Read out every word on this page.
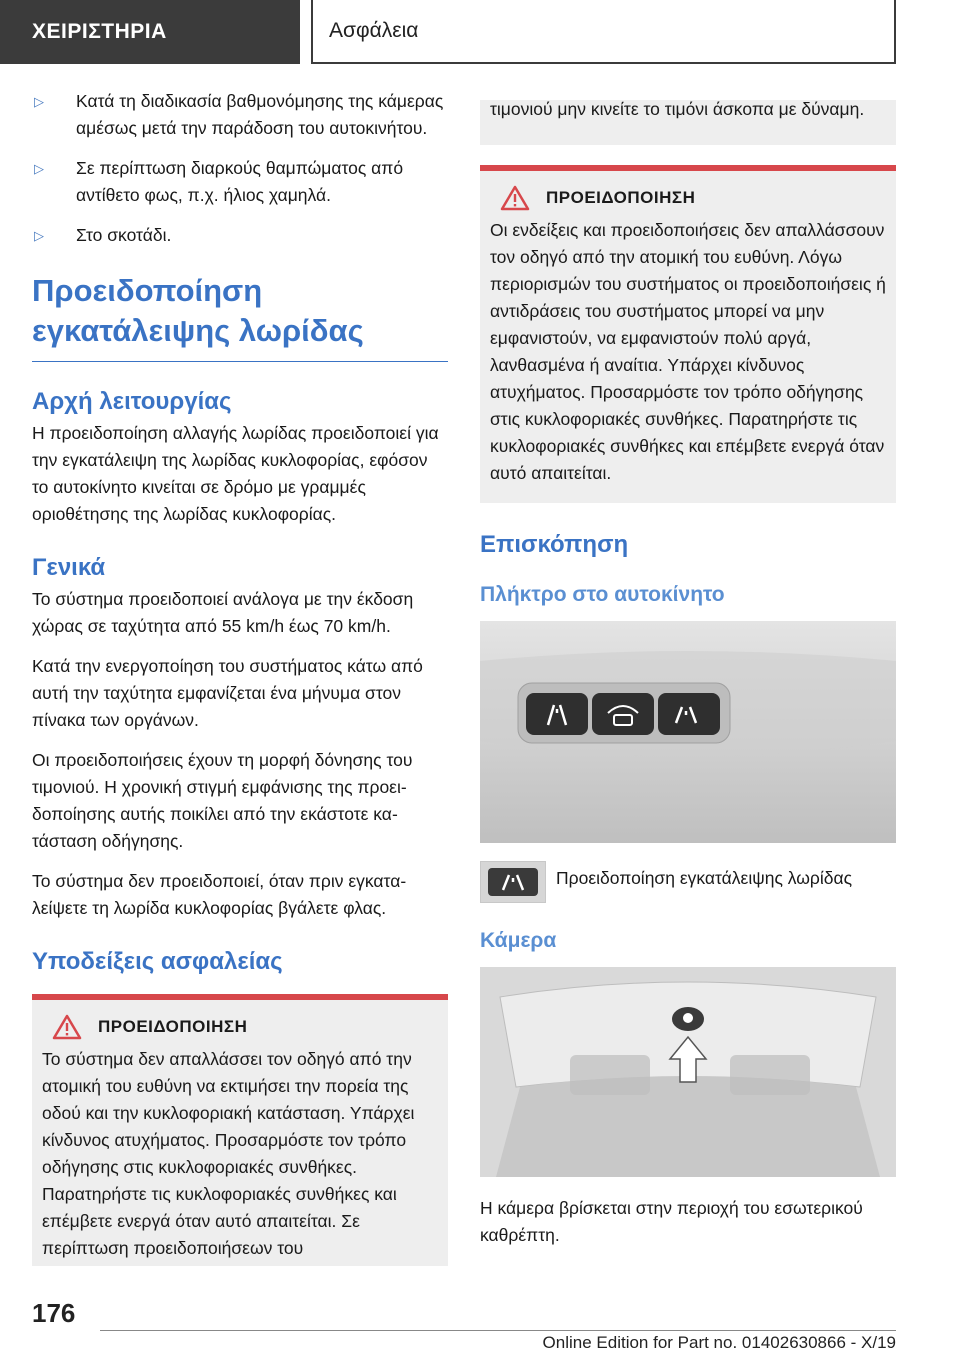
ΧΕΙΡΙΣΤΗΡΙΑ	Ασφάλεια
▷	Κατά τη διαδικασία βαθμονόμησης της κάμερας αμέσως μετά την παράδοση του αυτοκινήτου.

▷	Σε περίπτωση διαρκούς θαμπώματος από αντίθετο φως, π.χ. ήλιος χαμηλά.

▷	Στο σκοτάδι.

Προειδοποίηση εγκατάλειψης λωρίδας
Αρχή λειτουργίας

Η προειδοποίηση αλλαγής λωρίδας προειδοποιεί για την εγκατάλειψη της λωρίδας κυκλοφορίας, εφόσον το αυτοκίνητο κινείται σε δρόμο με γραμμές οριοθέτησης της λωρίδας κυκλοφορίας.

Γενικά

Το σύστημα προειδοποιεί ανάλογα με την έκδοση χώρας σε ταχύτητα από 55 km/h έως 70 km/h.

Κατά την ενεργοποίηση του συστήματος κάτω από αυτή την ταχύτητα εμφανίζεται ένα μήνυμα στον πίνακα των οργάνων.

Οι προειδοποιήσεις έχουν τη μορφή δόνησης του τιμονιού. Η χρονική στιγμή εμφάνισης της προειδοποίησης αυτής ποικίλει από την εκάστοτε κατάσταση οδήγησης.

Το σύστημα δεν προειδοποιεί, όταν πριν εγκαταλείψετε τη λωρίδα κυκλοφορίας βγάλετε φλας.

Υποδείξεις ασφαλείας
ΠΡΟΕΙΔΟΠΟΙΗΣΗ

Το σύστημα δεν απαλλάσσει τον οδηγό από την ατομική του ευθύνη να εκτιμήσει την πορεία της οδού και την κυκλοφοριακή κατάσταση. Υπάρχει κίνδυνος ατυχήματος. Προσαρμόστε τον τρόπο οδήγησης στις κυκλοφοριακές συνθήκες. Παρατηρήστε τις κυκλοφοριακές συνθήκες και επέμβετε ενεργά όταν αυτό απαιτείται. Σε περίπτωση προειδοποιήσεων του

τιμονιού μην κινείτε το τιμόνι άσκοπα με δύναμη.

ΠΡΟΕΙΔΟΠΟΙΗΣΗ

Οι ενδείξεις και προειδοποιήσεις δεν απαλλάσσουν τον οδηγό από την ατομική του ευθύνη. Λόγω περιορισμών του συστήματος οι προειδοποιήσεις ή αντιδράσεις του συστήματος μπορεί να μην εμφανιστούν, να εμφανιστούν πολύ αργά, λανθασμένα ή αναίτια. Υπάρχει κίνδυνος ατυχήματος. Προσαρμόστε τον τρόπο οδήγησης στις κυκλοφοριακές συνθήκες. Παρατηρήστε τις κυκλοφοριακές συνθήκες και επέμβετε ενεργά όταν αυτό απαιτείται.

Επισκόπηση
Πλήκτρο στο αυτοκίνητο

Προειδοποίηση εγκατάλειψης λωρίδας

Κάμερα

Η κάμερα βρίσκεται στην περιοχή του εσωτερικού καθρέπτη.

176
Online Edition for Part no. 01402630866 - X/19
